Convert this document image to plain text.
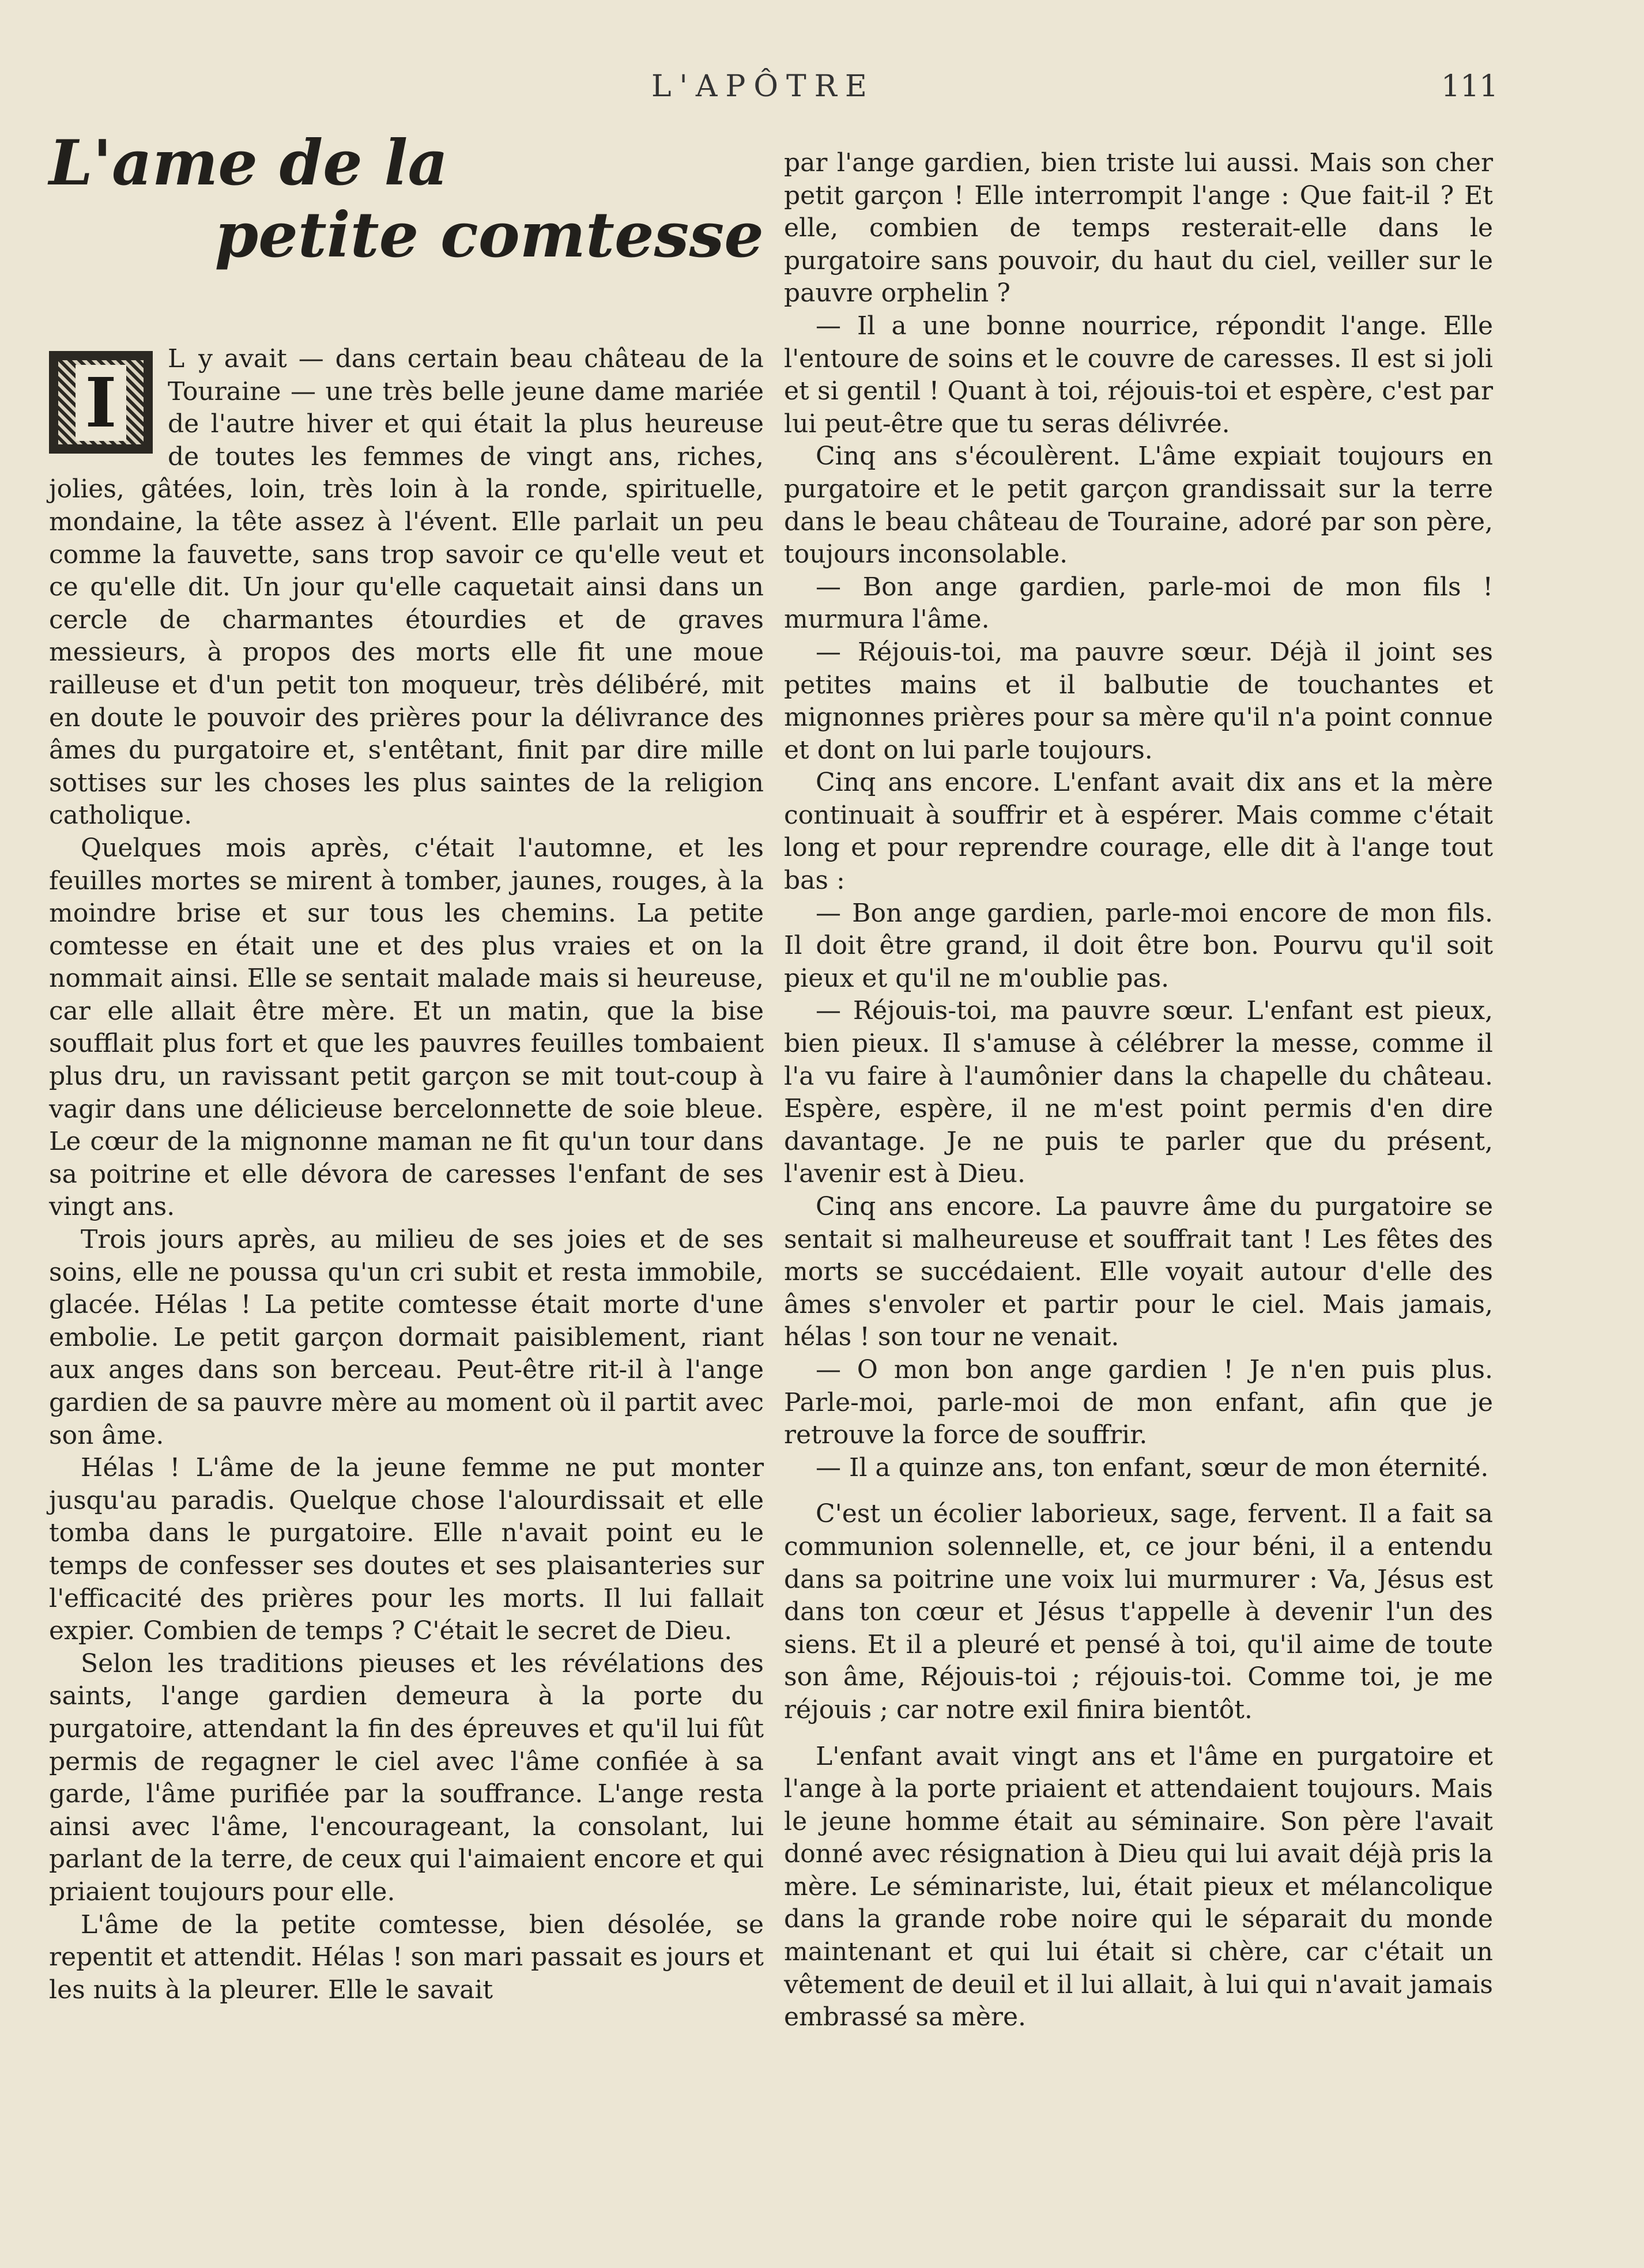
L'APÔTRE	111
L'ame de la
petite comtesse

I
L y avait — dans certain beau château de la Touraine — une très belle jeune dame mariée de l'autre hiver et qui était la plus heureuse de toutes les femmes de vingt ans, riches, jolies, gâtées, loin, très loin à la ronde, spirituelle, mondaine, la tête assez à l'évent. Elle parlait un peu comme la fauvette, sans trop savoir ce qu'elle veut et ce qu'elle dit. Un jour qu'elle caquetait ainsi dans un cercle de charmantes étourdies et de graves messieurs, à propos des morts elle fit une moue railleuse et d'un petit ton moqueur, très délibéré, mit en doute le pouvoir des prières pour la délivrance des âmes du purgatoire et, s'entêtant, finit par dire mille sottises sur les choses les plus saintes de la religion catholique.

Quelques mois après, c'était l'automne, et les feuilles mortes se mirent à tomber, jaunes, rouges, à la moindre brise et sur tous les chemins. La petite comtesse en était une et des plus vraies et on la nommait ainsi. Elle se sentait malade mais si heureuse, car elle allait être mère. Et un matin, que la bise soufflait plus fort et que les pauvres feuilles tombaient plus dru, un ravissant petit garçon se mit tout-coup à vagir dans une délicieuse bercelonnette de soie bleue. Le cœur de la mignonne maman ne fit qu'un tour dans sa poitrine et elle dévora de caresses l'enfant de ses vingt ans.

Trois jours après, au milieu de ses joies et de ses soins, elle ne poussa qu'un cri subit et resta immobile, glacée. Hélas ! La petite comtesse était morte d'une embolie. Le petit garçon dormait paisiblement, riant aux anges dans son berceau. Peut-être rit-il à l'ange gardien de sa pauvre mère au moment où il partit avec son âme.

Hélas ! L'âme de la jeune femme ne put monter jusqu'au paradis. Quelque chose l'alourdissait et elle tomba dans le purgatoire. Elle n'avait point eu le temps de confesser ses doutes et ses plaisanteries sur l'efficacité des prières pour les morts. Il lui fallait expier. Combien de temps ? C'était le secret de Dieu.

Selon les traditions pieuses et les révélations des saints, l'ange gardien demeura à la porte du purgatoire, attendant la fin des épreuves et qu'il lui fût permis de regagner le ciel avec l'âme confiée à sa garde, l'âme purifiée par la souffrance. L'ange resta ainsi avec l'âme, l'encourageant, la consolant, lui parlant de la terre, de ceux qui l'aimaient encore et qui priaient toujours pour elle.

L'âme de la petite comtesse, bien désolée, se repentit et attendit. Hélas ! son mari passait es jours et les nuits à la pleurer. Elle le savait

par l'ange gardien, bien triste lui aussi. Mais son cher petit garçon ! Elle interrompit l'ange : Que fait-il ? Et elle, combien de temps resterait-elle dans le purgatoire sans pouvoir, du haut du ciel, veiller sur le pauvre orphelin ?

— Il a une bonne nourrice, répondit l'ange. Elle l'entoure de soins et le couvre de caresses. Il est si joli et si gentil ! Quant à toi, réjouis-toi et espère, c'est par lui peut-être que tu seras délivrée.

Cinq ans s'écoulèrent. L'âme expiait toujours en purgatoire et le petit garçon grandissait sur la terre dans le beau château de Touraine, adoré par son père, toujours inconsolable.

— Bon ange gardien, parle-moi de mon fils ! murmura l'âme.

— Réjouis-toi, ma pauvre sœur. Déjà il joint ses petites mains et il balbutie de touchantes et mignonnes prières pour sa mère qu'il n'a point connue et dont on lui parle toujours.

Cinq ans encore. L'enfant avait dix ans et la mère continuait à souffrir et à espérer. Mais comme c'était long et pour reprendre courage, elle dit à l'ange tout bas :

— Bon ange gardien, parle-moi encore de mon fils. Il doit être grand, il doit être bon. Pourvu qu'il soit pieux et qu'il ne m'oublie pas.

— Réjouis-toi, ma pauvre sœur. L'enfant est pieux, bien pieux. Il s'amuse à célébrer la messe, comme il l'a vu faire à l'aumônier dans la chapelle du château. Espère, espère, il ne m'est point permis d'en dire davantage. Je ne puis te parler que du présent, l'avenir est à Dieu.

Cinq ans encore. La pauvre âme du purgatoire se sentait si malheureuse et souffrait tant ! Les fêtes des morts se succédaient. Elle voyait autour d'elle des âmes s'envoler et partir pour le ciel. Mais jamais, hélas ! son tour ne venait.

— O mon bon ange gardien ! Je n'en puis plus. Parle-moi, parle-moi de mon enfant, afin que je retrouve la force de souffrir.

— Il a quinze ans, ton enfant, sœur de mon éternité.

C'est un écolier laborieux, sage, fervent. Il a fait sa communion solennelle, et, ce jour béni, il a entendu dans sa poitrine une voix lui murmurer : Va, Jésus est dans ton cœur et Jésus t'appelle à devenir l'un des siens. Et il a pleuré et pensé à toi, qu'il aime de toute son âme, Réjouis-toi ; réjouis-toi. Comme toi, je me réjouis ; car notre exil finira bientôt.

L'enfant avait vingt ans et l'âme en purgatoire et l'ange à la porte priaient et attendaient toujours. Mais le jeune homme était au séminaire. Son père l'avait donné avec résignation à Dieu qui lui avait déjà pris la mère. Le séminariste, lui, était pieux et mélancolique dans la grande robe noire qui le séparait du monde maintenant et qui lui était si chère, car c'était un vêtement de deuil et il lui allait, à lui qui n'avait jamais embrassé sa mère.
